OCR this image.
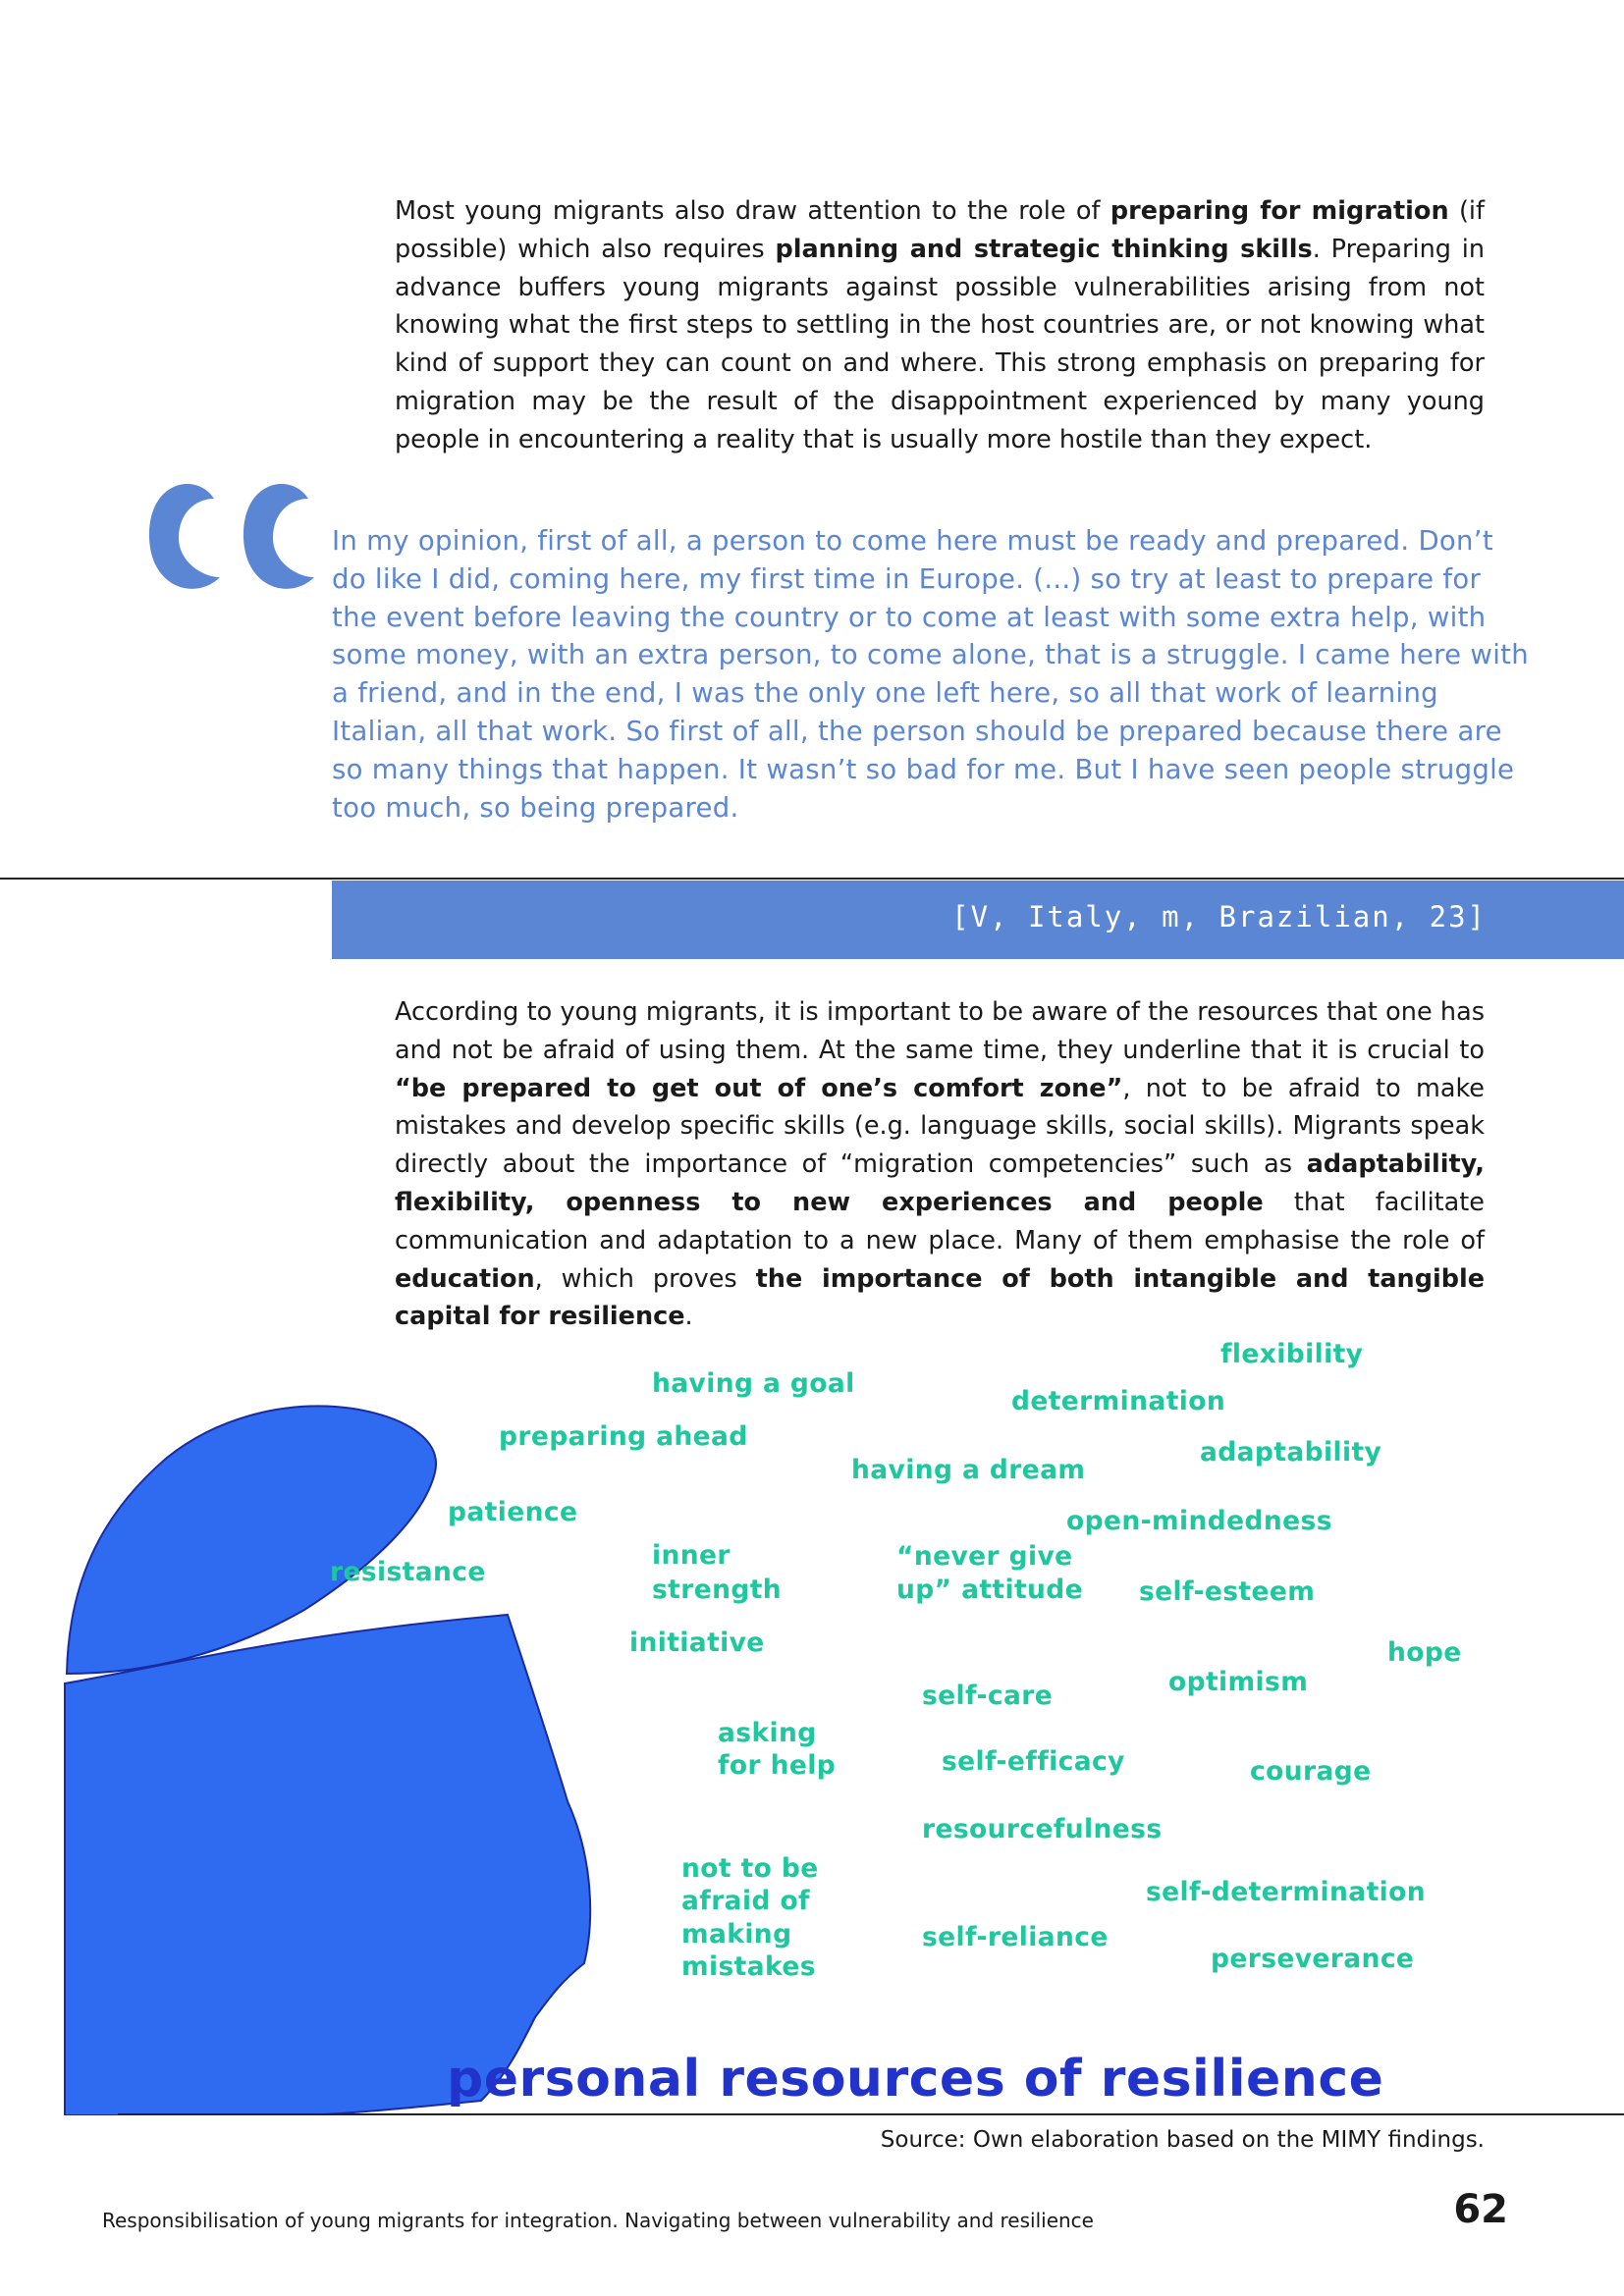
Most young migrants also draw attention to the role of preparing for migration (if possible) which also requires planning and strategic thinking skills. Preparing in advance buffers young migrants against possible vulnerabilities arising from not knowing what the first steps to settling in the host countries are, or not knowing what kind of support they can count on and where. This strong emphasis on preparing for migration may be the result of the disappointment experienced by many young people in encountering a reality that is usually more hostile than they expect.

In my opinion, first of all, a person to come here must be ready and prepared. Don’t do like I did, coming here, my first time in Europe. (...) so try at least to prepare for the event before leaving the country or to come at least with some extra help, with some money, with an extra person, to come alone, that is a struggle. I came here with a friend, and in the end, I was the only one left here, so all that work of learning Italian, all that work. So first of all, the person should be prepared because there are so many things that happen. It wasn’t so bad for me. But I have seen people struggle too much, so being prepared.

[V, Italy, m, Brazilian, 23]

According to young migrants, it is important to be aware of the resources that one has and not be afraid of using them. At the same time, they underline that it is crucial to “be prepared to get out of one’s comfort zone”, not to be afraid to make mistakes and develop specific skills (e.g. language skills, social skills). Migrants speak directly about the importance of “migration competencies” such as adaptability, flexibility, openness to new experiences and people that facilitate communication and adaptation to a new place. Many of them emphasise the role of education, which proves the importance of both intangible and tangible capital for resilience.

flexibility
having a goal
determination
preparing ahead
adaptability
having a dream
patience	open-mindedness
resistance
inner
strength
“never give
up” attitude self-esteem
initiative	hope
optimism
self-care
asking
for help	self-efficacy	courage
resourcefulness
not to be
afraid of
making
mistakes
self-determination
self-reliance
perseverance
personal resources of resilience
Source: Own elaboration based on the MIMY findings.
Responsibilisation of young migrants for integration. Navigating between vulnerability and resilience	62
